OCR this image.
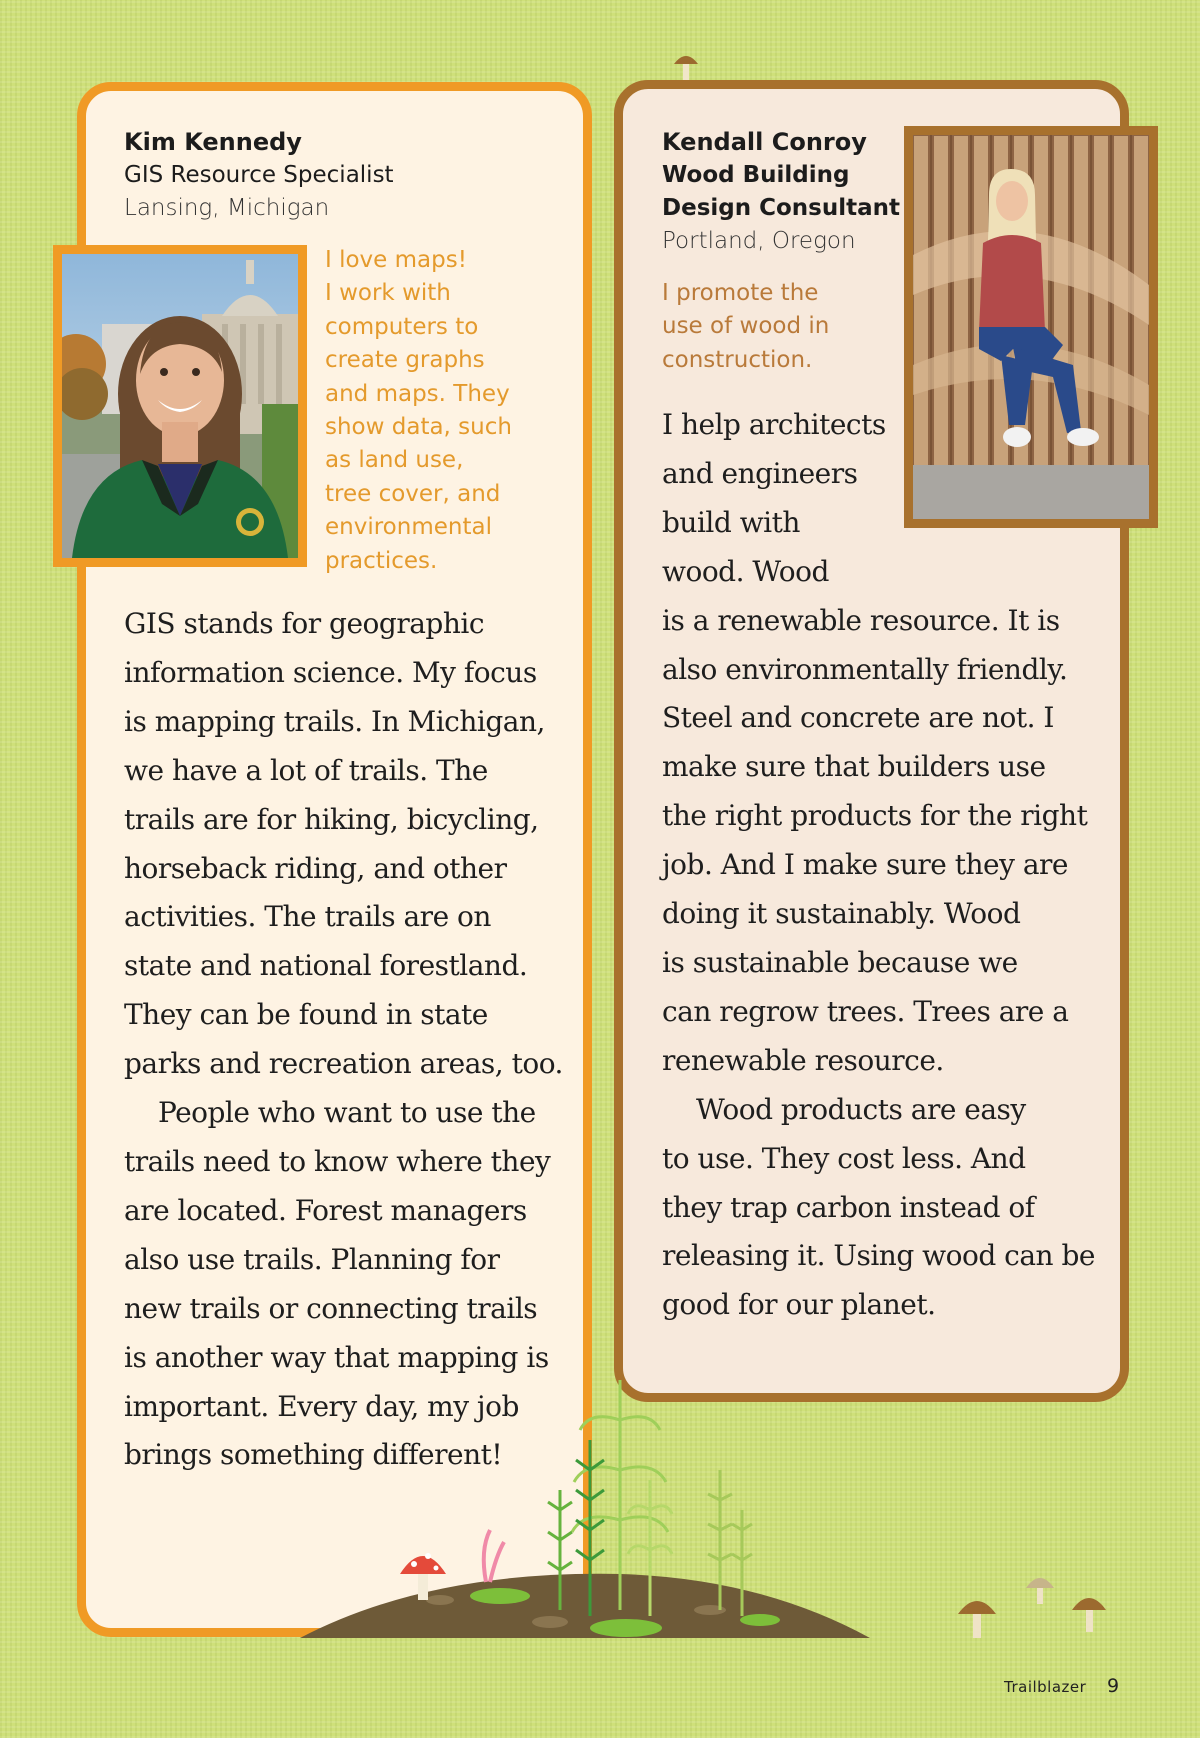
Kim Kennedy
GIS Resource Specialist
Lansing, Michigan
I love maps!
I work with
computers to
create graphs
and maps. They
show data, such
as land use,
tree cover, and
environmental
practices.

GIS stands for geographic

information science. My focus

is mapping trails. In Michigan,

we have a lot of trails. The

trails are for hiking, bicycling,

horseback riding, and other

activities. The trails are on

state and national forestland.

They can be found in state

parks and recreation areas, too.

People who want to use the

trails need to know where they

are located. Forest managers

also use trails. Planning for

new trails or connecting trails

is another way that mapping is

important. Every day, my job

brings something different!

Kendall Conroy
Wood Building
Design Consultant
Portland, Oregon
I promote the
use of wood in
construction.

I help architects

and engineers

build with

wood. Wood

is a renewable resource. It is

also environmentally friendly.

Steel and concrete are not. I

make sure that builders use

the right products for the right

job. And I make sure they are

doing it sustainably. Wood

is sustainable because we

can regrow trees. Trees are a

renewable resource.

Wood products are easy

to use. They cost less. And

they trap carbon instead of

releasing it. Using wood can be

good for our planet.

Trailblazer 9
